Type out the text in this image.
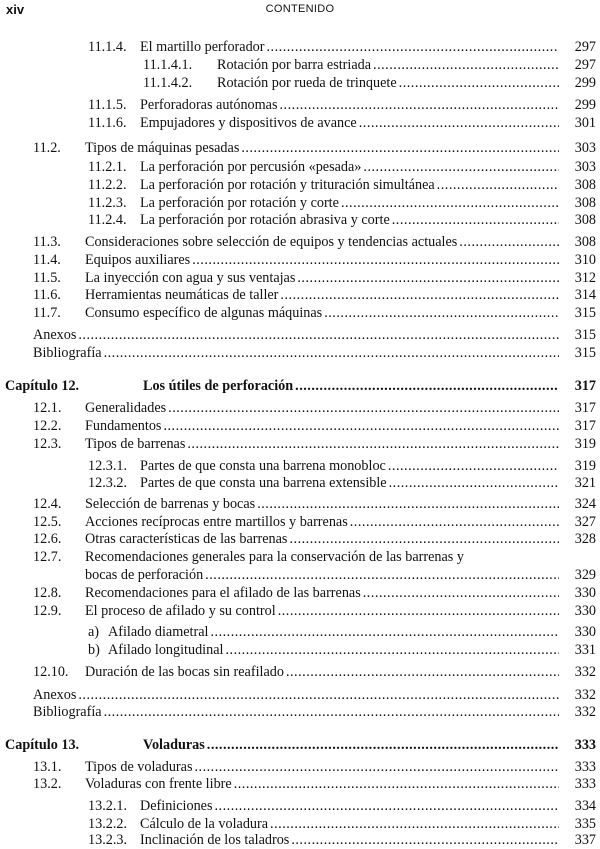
xiv	CONTENIDO
11.1.4. El martillo perforador .....	297
11.1.4.1.	Rotación por barra estriada .....	297
11.1.4.2.	Rotación por rueda de trinquete .....	299
11.1.5. Perforadoras autónomas .....	299
11.1.6. Empujadores y dispositivos de avance .....	301
11.2.	Tipos de máquinas pesadas .....	303
11.2.1. La perforación por percusión «pesada» .....	303
11.2.2. La perforación por rotación y trituración simultánea .....	308
11.2.3. La perforación por rotación y corte .....	308
11.2.4. La perforación por rotación abrasiva y corte .....	308
11.3.	Consideraciones sobre selección de equipos y tendencias actuales .....	308
11.4.	Equipos auxiliares .....	310
11.5.	La inyección con agua y sus ventajas .....	312
11.6.	Herramientas neumáticas de taller .....	314
11.7.	Consumo específico de algunas máquinas .....	315
Anexos .....	315
Bibliografía .....	315
Capítulo 12.	Los útiles de perforación .....	317
12.1.	Generalidades .....	317
12.2.	Fundamentos .....	317
12.3.	Tipos de barrenas .....	319
12.3.1. Partes de que consta una barrena monobloc .....	319
12.3.2. Partes de que consta una barrena extensible .....	321
12.4.	Selección de barrenas y bocas .....	324
12.5.	Acciones recíprocas entre martillos y barrenas .....	327
12.6.	Otras características de las barrenas .....	328
12.7. Recomendaciones generales para la conservación de las barrenas y
bocas de perforación .....	329
12.8.	Recomendaciones para el afilado de las barrenas .....	330
12.9.	El proceso de afilado y su control .....	330
a) Afilado diametral .....	330
b) Afilado longitudinal .....	331
12.10.	Duración de las bocas sin reafilado .....	332
Anexos .....	332
Bibliografía .....	332
Capítulo 13.	Voladuras .....	333
13.1.	Tipos de voladuras .....	333
13.2.	Voladuras con frente libre .....	333
13.2.1. Definiciones .....	334
13.2.2. Cálculo de la voladura .....	335
13.2.3. Inclinación de los taladros .....	337
